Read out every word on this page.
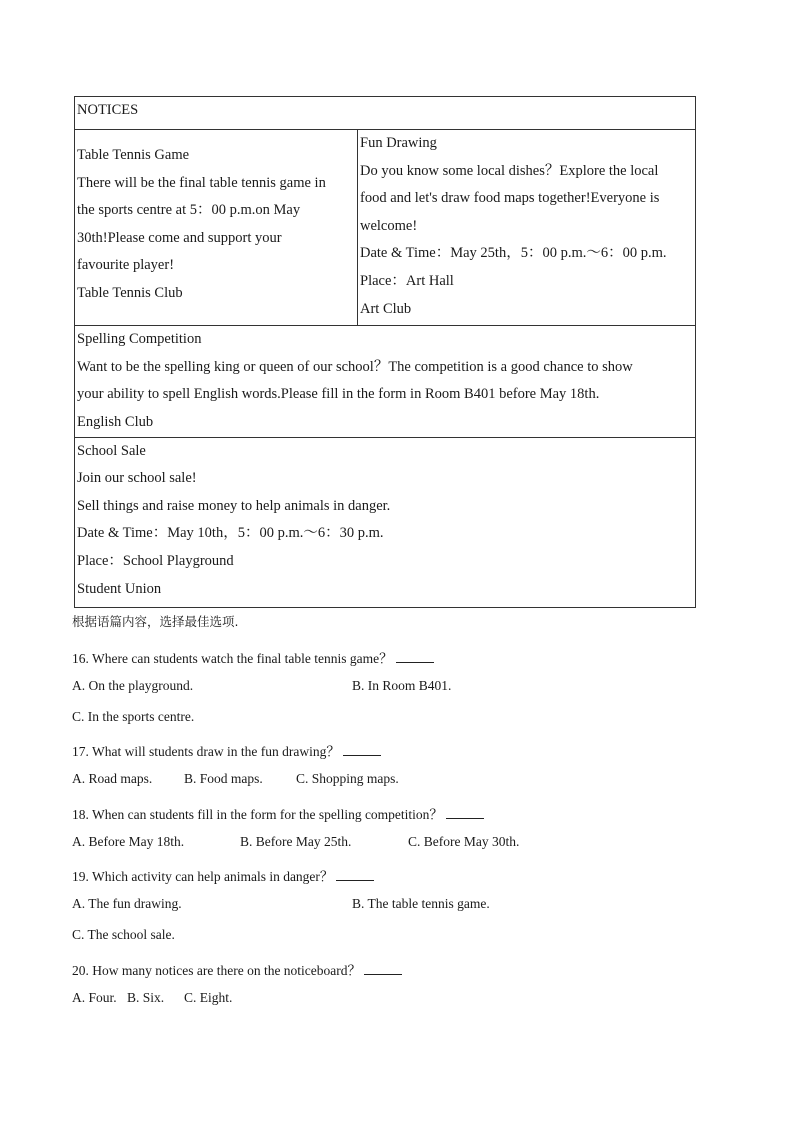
NOTICES

Table Tennis Game
There will be the final table tennis game in
the sports centre at 5：00 p.m.on May
30th!Please come and support your
favourite player!
Table Tennis Club

Fun Drawing
Do you know some local dishes？Explore the local
food and let's draw food maps together!Everyone is
welcome!
Date & Time：May 25th，5：00 p.m.～6：00 p.m.
Place：Art Hall
Art Club

Spelling Competition
Want to be the spelling king or queen of our school？The competition is a good chance to show
your ability to spell English words.Please fill in the form in Room B401 before May 18th.
English Club

School Sale
Join our school sale!
Sell things and raise money to help animals in danger.
Date & Time：May 10th，5：00 p.m.～6：30 p.m.
Place：School Playground
Student Union
根据语篇内容，选择最佳选项.
16. Where can students watch the final table tennis game？
A. On the playground.	B. In Room B401.
C. In the sports centre.
17. What will students draw in the fun drawing？
A. Road maps. B. Food maps. C. Shopping maps.
18. When can students fill in the form for the spelling competition？
A. Before May 18th.	B. Before May 25th.	C. Before May 30th.
19. Which activity can help animals in danger？
A. The fun drawing.	B. The table tennis game.
C. The school sale.
20. How many notices are there on the noticeboard？
A. Four. B. Six. C. Eight.
